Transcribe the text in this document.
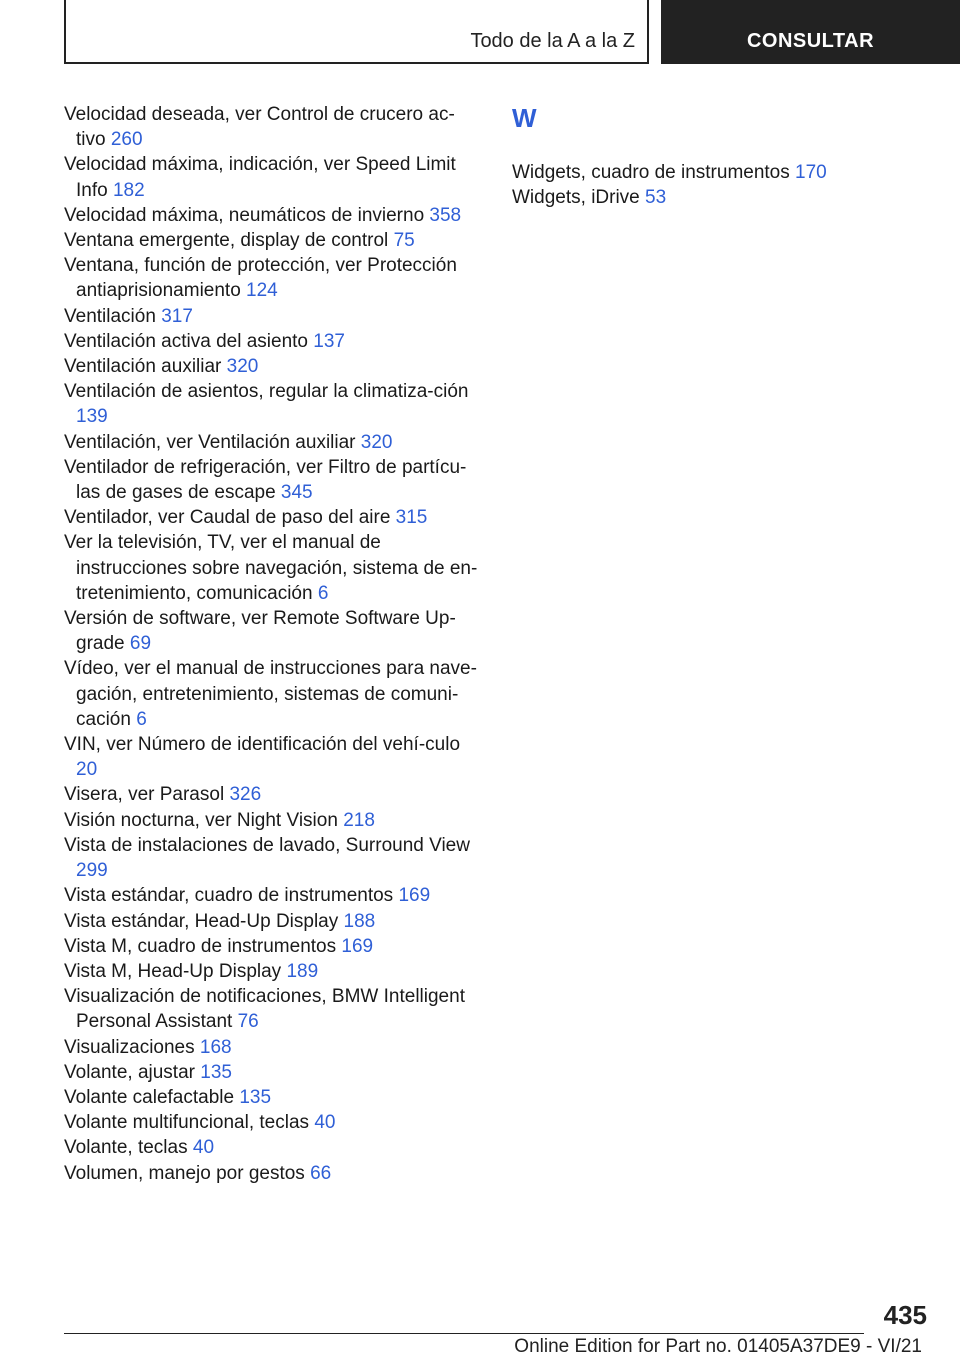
Todo de la A a la Z	CONSULTAR
Velocidad deseada, ver Control de crucero ac‐tivo 260
Velocidad máxima, indicación, ver Speed Limit Info 182
Velocidad máxima, neumáticos de invierno 358
Ventana emergente, display de control 75
Ventana, función de protección, ver Protección antiaprisionamiento 124
Ventilación 317
Ventilación activa del asiento 137
Ventilación auxiliar 320
Ventilación de asientos, regular la climatiza‐ción 139
Ventilación, ver Ventilación auxiliar 320
Ventilador de refrigeración, ver Filtro de partícu‐las de gases de escape 345
Ventilador, ver Caudal de paso del aire 315
Ver la televisión, TV, ver el manual de instrucciones sobre navegación, sistema de en‐tretenimiento, comunicación 6
Versión de software, ver Remote Software Up‐grade 69
Vídeo, ver el manual de instrucciones para nave‐gación, entretenimiento, sistemas de comuni‐cación 6
VIN, ver Número de identificación del vehí‐culo 20
Visera, ver Parasol 326
Visión nocturna, ver Night Vision 218
Vista de instalaciones de lavado, Surround View 299
Vista estándar, cuadro de instrumentos 169
Vista estándar, Head-Up Display 188
Vista M, cuadro de instrumentos 169
Vista M, Head-Up Display 189
Visualización de notificaciones, BMW Intelligent Personal Assistant 76
Visualizaciones 168
Volante, ajustar 135
Volante calefactable 135
Volante multifuncional, teclas 40
Volante, teclas 40
Volumen, manejo por gestos 66
W
Widgets, cuadro de instrumentos 170
Widgets, iDrive 53
435
Online Edition for Part no. 01405A37DE9 - VI/21
